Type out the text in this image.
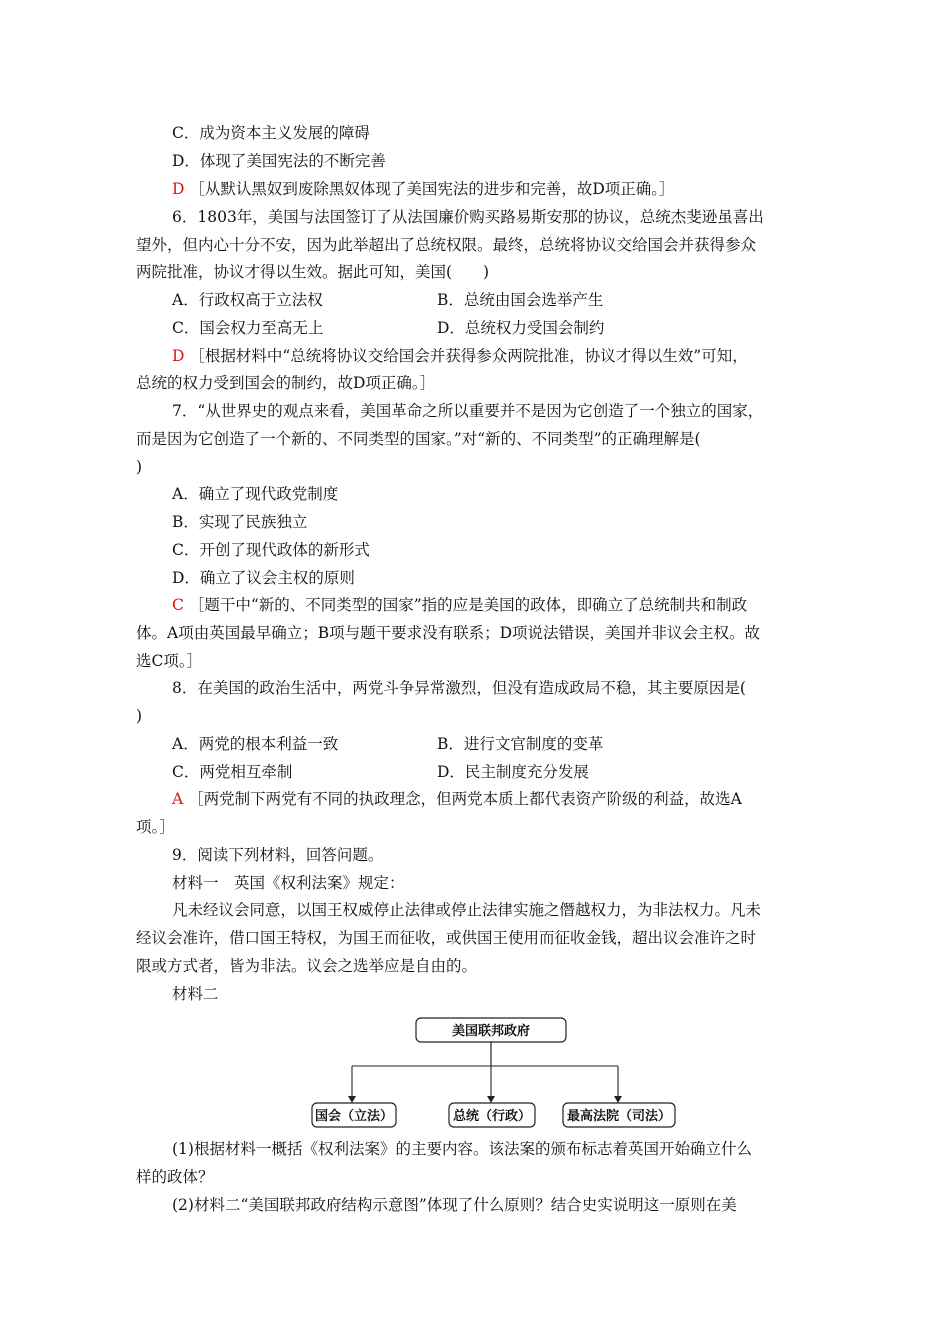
C．成为资本主义发展的障碍
D．体现了美国宪法的不断完善
D ［从默认黑奴到废除黑奴体现了美国宪法的进步和完善，故D项正确。］
6．1803年，美国与法国签订了从法国廉价购买路易斯安那的协议，总统杰斐逊虽喜出
望外，但内心十分不安，因为此举超出了总统权限。最终，总统将协议交给国会并获得参众
两院批准，协议才得以生效。据此可知，美国(　　)
A．行政权高于立法权	B．总统由国会选举产生
C．国会权力至高无上	D．总统权力受国会制约
D ［根据材料中“总统将协议交给国会并获得参众两院批准，协议才得以生效”可知，
总统的权力受到国会的制约，故D项正确。］
7．“从世界史的观点来看，美国革命之所以重要并不是因为它创造了一个独立的国家，
而是因为它创造了一个新的、不同类型的国家。”对“新的、不同类型”的正确理解是(
)
A．确立了现代政党制度
B．实现了民族独立
C．开创了现代政体的新形式
D．确立了议会主权的原则
C ［题干中“新的、不同类型的国家”指的应是美国的政体，即确立了总统制共和制政
体。A项由英国最早确立；B项与题干要求没有联系；D项说法错误，美国并非议会主权。故
选C项。］
8．在美国的政治生活中，两党斗争异常激烈，但没有造成政局不稳，其主要原因是(
)
A．两党的根本利益一致	B．进行文官制度的变革
C．两党相互牵制	D．民主制度充分发展
A ［两党制下两党有不同的执政理念，但两党本质上都代表资产阶级的利益，故选A
项。］
9．阅读下列材料，回答问题。
材料一　英国《权利法案》规定：
凡未经议会同意，以国王权威停止法律或停止法律实施之僭越权力，为非法权力。凡未
经议会准许，借口国王特权，为国王而征收，或供国王使用而征收金钱，超出议会准许之时
限或方式者，皆为非法。议会之选举应是自由的。
材料二
美国联邦政府
国会（立法）	总统（行政）	最高法院（司法）
(1)根据材料一概括《权利法案》的主要内容。该法案的颁布标志着英国开始确立什么
样的政体？
(2)材料二“美国联邦政府结构示意图”体现了什么原则？结合史实说明这一原则在美
